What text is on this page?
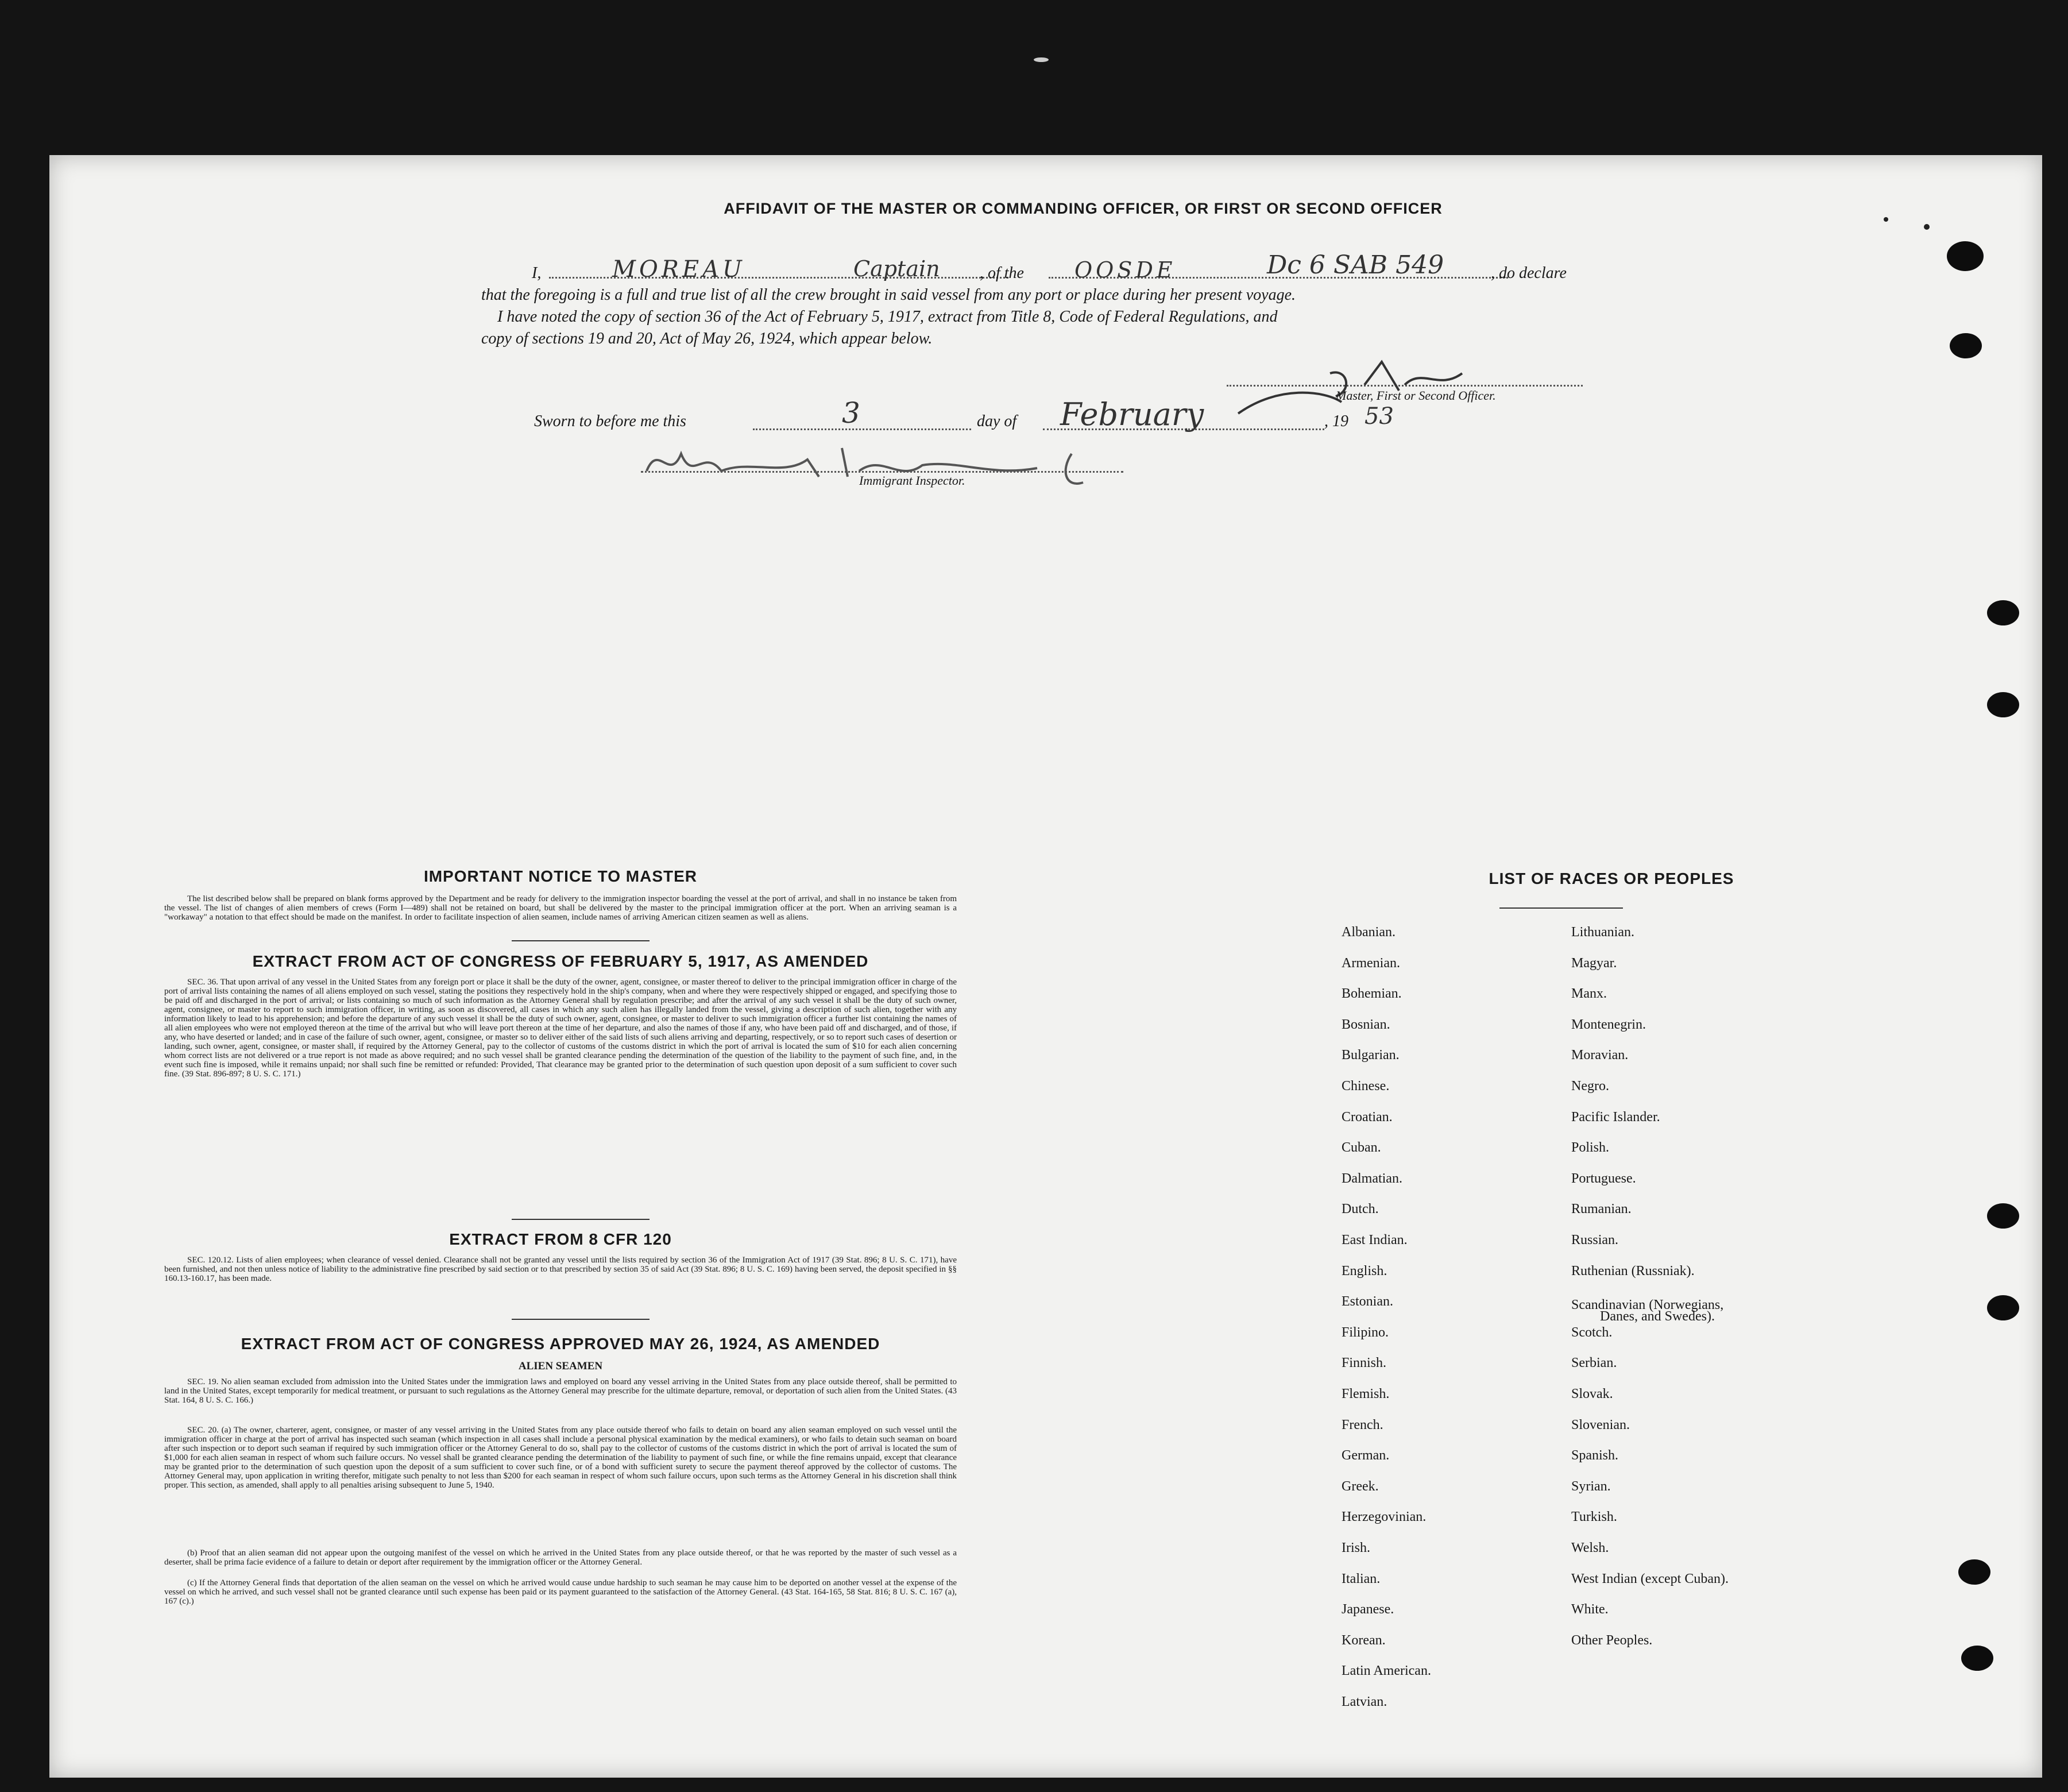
AFFIDAVIT OF THE MASTER OR COMMANDING OFFICER, OR FIRST OR SECOND OFFICER
I,	MOREAU	Captain , of the OOSDE	Dc 6 SAB 549	, do declare
that the foregoing is a full and true list of all the crew brought in said vessel from any port or place during her present voyage.
I have noted the copy of section 36 of the Act of February 5, 1917, extract from Title 8, Code of Federal Regulations, and
copy of sections 19 and 20, Act of May 26, 1924, which appear below.
Master, First or Second Officer.
Sworn to before me this	3	day of February	, 19 53
Immigrant Inspector.
IMPORTANT NOTICE TO MASTER
The list described below shall be prepared on blank forms approved by the Department and be ready for delivery to the immigration inspector boarding the vessel at the port of arrival, and shall in no instance be taken from the vessel. The list of changes of alien members of crews (Form I—489) shall not be retained on board, but shall be delivered by the master to the principal immigration officer at the port. When an arriving seaman is a "workaway" a notation to that effect should be made on the manifest. In order to facilitate inspection of alien seamen, include names of arriving American citizen seamen as well as aliens.
EXTRACT FROM ACT OF CONGRESS OF FEBRUARY 5, 1917, AS AMENDED
SEC. 36. That upon arrival of any vessel in the United States from any foreign port or place it shall be the duty of the owner, agent, consignee, or master thereof to deliver to the principal immigration officer in charge of the port of arrival lists containing the names of all aliens employed on such vessel, stating the positions they respectively hold in the ship's company, when and where they were respectively shipped or engaged, and specifying those to be paid off and discharged in the port of arrival; or lists containing so much of such information as the Attorney General shall by regulation prescribe; and after the arrival of any such vessel it shall be the duty of such owner, agent, consignee, or master to report to such immigration officer, in writing, as soon as discovered, all cases in which any such alien has illegally landed from the vessel, giving a description of such alien, together with any information likely to lead to his apprehension; and before the departure of any such vessel it shall be the duty of such owner, agent, consignee, or master to deliver to such immigration officer a further list containing the names of all alien employees who were not employed thereon at the time of the arrival but who will leave port thereon at the time of her departure, and also the names of those if any, who have been paid off and discharged, and of those, if any, who have deserted or landed; and in case of the failure of such owner, agent, consignee, or master so to deliver either of the said lists of such aliens arriving and departing, respectively, or so to report such cases of desertion or landing, such owner, agent, consignee, or master shall, if required by the Attorney General, pay to the collector of customs of the customs district in which the port of arrival is located the sum of $10 for each alien concerning whom correct lists are not delivered or a true report is not made as above required; and no such vessel shall be granted clearance pending the determination of the question of the liability to the payment of such fine, and, in the event such fine is imposed, while it remains unpaid; nor shall such fine be remitted or refunded: Provided, That clearance may be granted prior to the determination of such question upon deposit of a sum sufficient to cover such fine. (39 Stat. 896-897; 8 U. S. C. 171.)
EXTRACT FROM 8 CFR 120
SEC. 120.12. Lists of alien employees; when clearance of vessel denied. Clearance shall not be granted any vessel until the lists required by section 36 of the Immigration Act of 1917 (39 Stat. 896; 8 U. S. C. 171), have been furnished, and not then unless notice of liability to the administrative fine prescribed by said section or to that prescribed by section 35 of said Act (39 Stat. 896; 8 U. S. C. 169) having been served, the deposit specified in §§ 160.13-160.17, has been made.
EXTRACT FROM ACT OF CONGRESS APPROVED MAY 26, 1924, AS AMENDED
ALIEN SEAMEN
SEC. 19. No alien seaman excluded from admission into the United States under the immigration laws and employed on board any vessel arriving in the United States from any place outside thereof, shall be permitted to land in the United States, except temporarily for medical treatment, or pursuant to such regulations as the Attorney General may prescribe for the ultimate departure, removal, or deportation of such alien from the United States. (43 Stat. 164, 8 U. S. C. 166.)
SEC. 20. (a) The owner, charterer, agent, consignee, or master of any vessel arriving in the United States from any place outside thereof who fails to detain on board any alien seaman employed on such vessel until the immigration officer in charge at the port of arrival has inspected such seaman (which inspection in all cases shall include a personal physical examination by the medical examiners), or who fails to detain such seaman on board after such inspection or to deport such seaman if required by such immigration officer or the Attorney General to do so, shall pay to the collector of customs of the customs district in which the port of arrival is located the sum of $1,000 for each alien seaman in respect of whom such failure occurs. No vessel shall be granted clearance pending the determination of the liability to payment of such fine, or while the fine remains unpaid, except that clearance may be granted prior to the determination of such question upon the deposit of a sum sufficient to cover such fine, or of a bond with sufficient surety to secure the payment thereof approved by the collector of customs. The Attorney General may, upon application in writing therefor, mitigate such penalty to not less than $200 for each seaman in respect of whom such failure occurs, upon such terms as the Attorney General in his discretion shall think proper. This section, as amended, shall apply to all penalties arising subsequent to June 5, 1940.
(b) Proof that an alien seaman did not appear upon the outgoing manifest of the vessel on which he arrived in the United States from any place outside thereof, or that he was reported by the master of such vessel as a deserter, shall be prima facie evidence of a failure to detain or deport after requirement by the immigration officer or the Attorney General.
(c) If the Attorney General finds that deportation of the alien seaman on the vessel on which he arrived would cause undue hardship to such seaman he may cause him to be deported on another vessel at the expense of the vessel on which he arrived, and such vessel shall not be granted clearance until such expense has been paid or its payment guaranteed to the satisfaction of the Attorney General. (43 Stat. 164-165, 58 Stat. 816; 8 U. S. C. 167 (a), 167 (c).)
LIST OF RACES OR PEOPLES
Albanian.
Armenian.
Bohemian.
Bosnian.
Bulgarian.
Chinese.
Croatian.
Cuban.
Dalmatian.
Dutch.
East Indian.
English.
Estonian.
Filipino.
Finnish.
Flemish.
French.
German.
Greek.
Herzegovinian.
Irish.
Italian.
Japanese.
Korean.
Latin American.
Latvian.
Lithuanian.
Magyar.
Manx.
Montenegrin.
Moravian.
Negro.
Pacific Islander.
Polish.
Portuguese.
Rumanian.
Russian.
Ruthenian (Russniak).
Scandinavian (Norwegians,
Danes, and Swedes).
Scotch.
Serbian.
Slovak.
Slovenian.
Spanish.
Syrian.
Turkish.
Welsh.
West Indian (except Cuban).
White.
Other Peoples.
